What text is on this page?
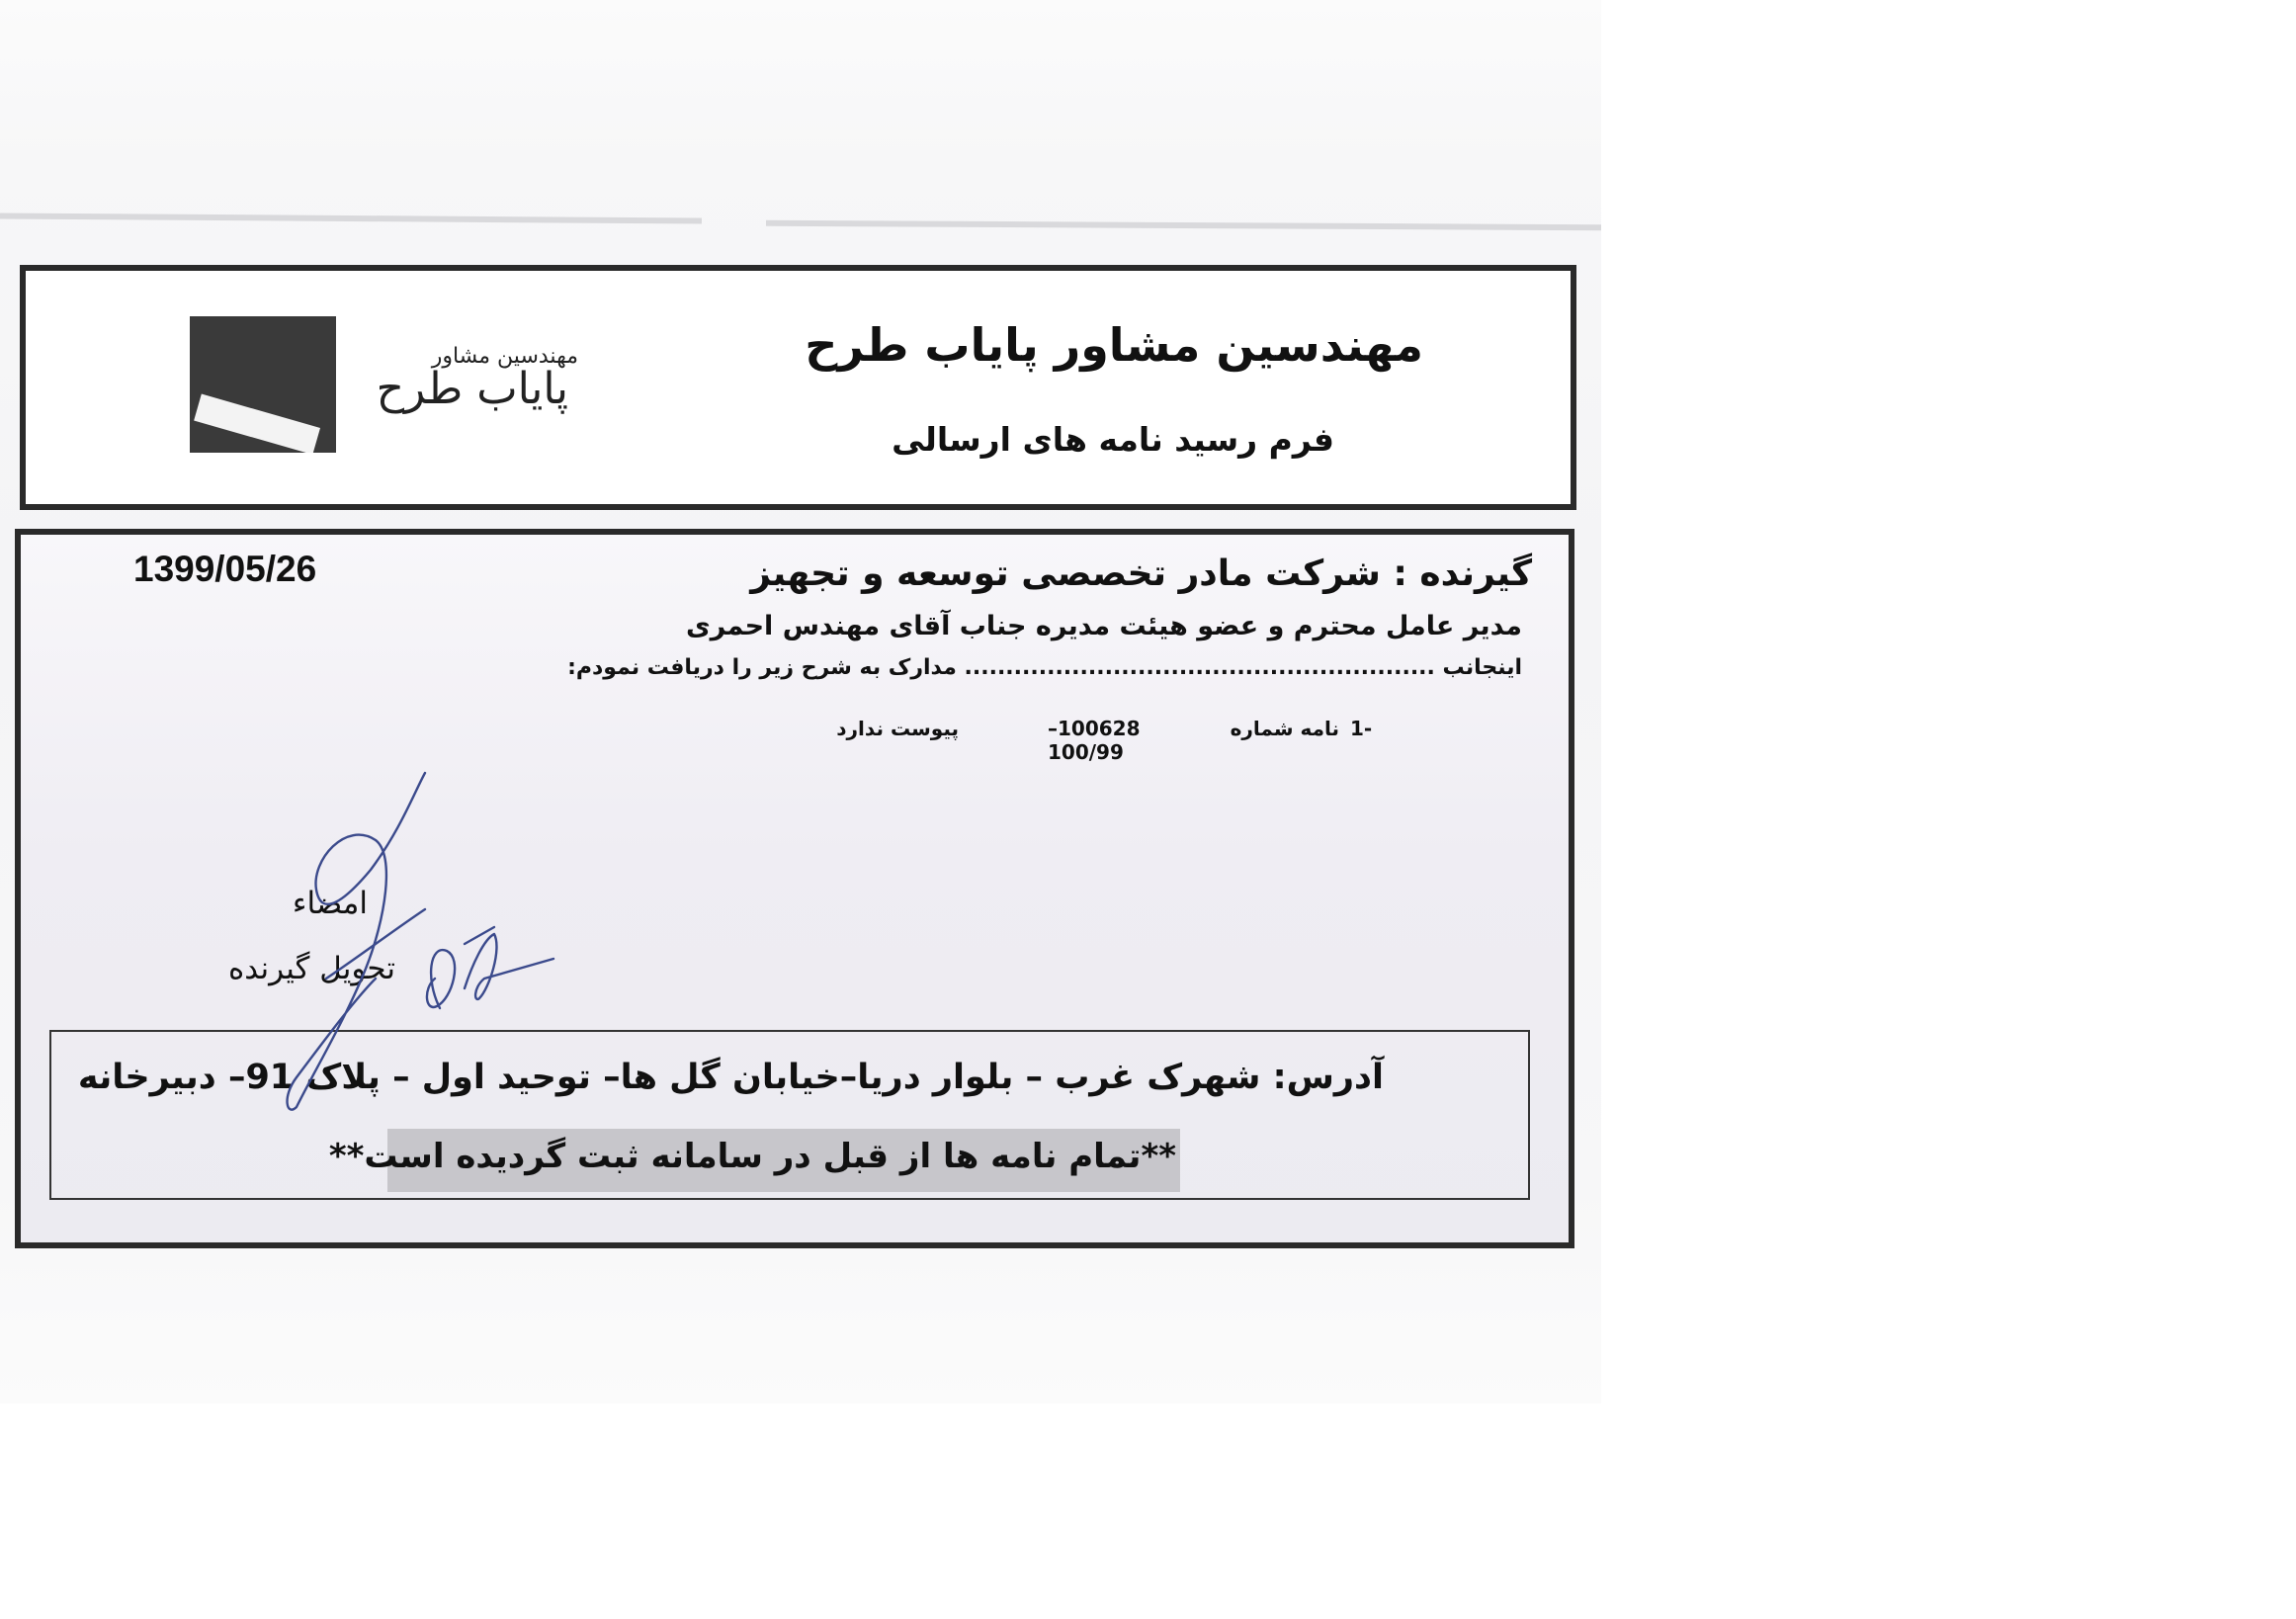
مهندسین مشاور
پایاب طرح
مهندسین مشاور پایاب طرح
فرم رسید نامه های ارسالی
1399/05/26	گیرنده : شرکت مادر تخصصی توسعه و تجهیز
مدیر عامل محترم و عضو هیئت مدیره جناب آقای مهندس احمری
اینجانب ......................................................... مدارک به شرح زیر را دریافت نمودم:
1-
نامه شماره
100628–100/99
پیوست ندارد
امضاء
تحویل گیرنده
آدرس: شهرک غرب – بلوار دریا–خیابان گل ها– توحید اول – پلاک 91– دبیرخانه
**تمام نامه ها از قبل در سامانه ثبت گردیده است**
